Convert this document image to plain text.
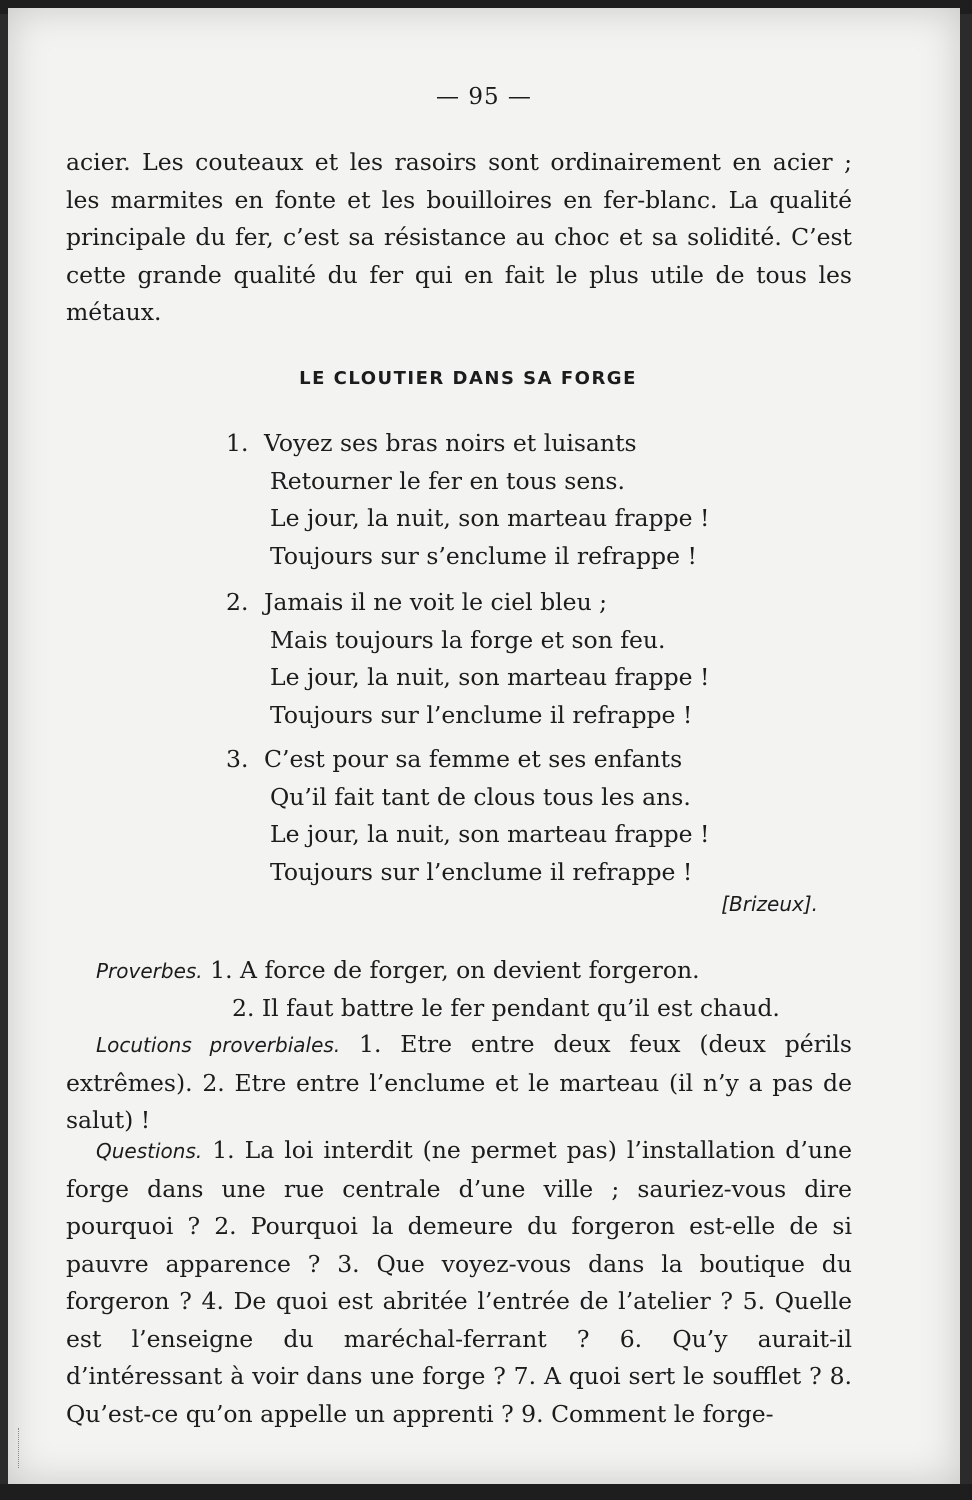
— 95 —
acier. Les couteaux et les rasoirs sont ordinairement en acier ; les marmites en fonte et les bouilloires en fer-blanc. La qualité principale du fer, c’est sa résistance au choc et sa solidité. C’est cette grande qualité du fer qui en fait le plus utile de tous les métaux.
LE CLOUTIER DANS SA FORGE
1. Voyez ses bras noirs et luisants
Retourner le fer en tous sens.
Le jour, la nuit, son marteau frappe !
Toujours sur s’enclume il refrappe !
2. Jamais il ne voit le ciel bleu ;
Mais toujours la forge et son feu.
Le jour, la nuit, son marteau frappe !
Toujours sur l’enclume il refrappe !
3. C’est pour sa femme et ses enfants
Qu’il fait tant de clous tous les ans.
Le jour, la nuit, son marteau frappe !
Toujours sur l’enclume il refrappe !
[Brizeux].
Proverbes. 1. A force de forger, on devient forgeron.
2. Il faut battre le fer pendant qu’il est chaud.
Locutions proverbiales. 1. Etre entre deux feux (deux périls extrêmes). 2. Etre entre l’enclume et le marteau (il n’y a pas de salut) !
Questions. 1. La loi interdit (ne permet pas) l’installation d’une forge dans une rue centrale d’une ville ; sauriez-vous dire pourquoi ? 2. Pourquoi la demeure du forgeron est-elle de si pauvre apparence ? 3. Que voyez-vous dans la boutique du forgeron ? 4. De quoi est abritée l’entrée de l’atelier ? 5. Quelle est l’enseigne du maréchal-ferrant ? 6. Qu’y aurait-il d’intéressant à voir dans une forge ? 7. A quoi sert le soufflet ? 8. Qu’est-ce qu’on appelle un apprenti ? 9. Comment le forge-
